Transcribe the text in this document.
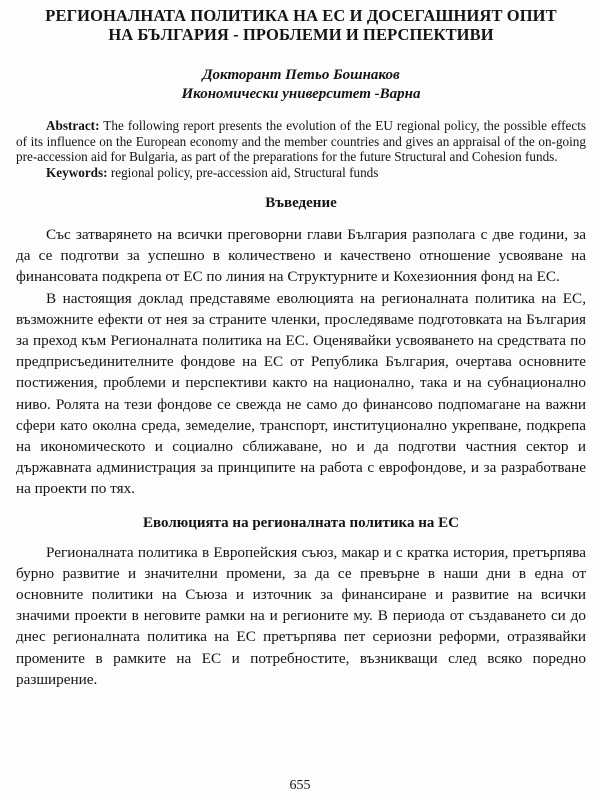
РЕГИОНАЛНАТА ПОЛИТИКА НА ЕС И ДОСЕГАШНИЯТ ОПИТ
НА БЪЛГАРИЯ - ПРОБЛЕМИ И ПЕРСПЕКТИВИ
Докторант Петьо Бошнаков
Икономически университет -Варна
Abstract: The following report presents the evolution of the EU regional policy, the possible effects of its influence on the European economy and the member countries and gives an appraisal of the on-going pre-accession aid for Bulgaria, as part of the preparations for the future Structural and Cohesion funds.
Keywords: regional policy, pre-accession aid, Structural funds
Въведение

Със затварянето на всички преговорни глави България разполага с две години, за да се подготви за успешно в количествено и качествено отношение усвояване на финансовата подкрепа от ЕС по линия на Структурните и Кохезионния фонд на ЕС.

В настоящия доклад представяме еволюцията на регионалната политика на ЕС, възможните ефекти от нея за страните членки, проследяваме подготовката на България за преход към Регионалната политика на ЕС. Оценявайки усвояването на средствата по предприсъединителните фондове на ЕС от Република България, очертава основните постижения, проблеми и перспективи както на национално, така и на субнационално ниво. Ролята на тези фондове се свежда не само до финансово подпомагане на важни сфери като околна среда, земеделие, транспорт, институционално укрепване, подкрепа на икономическото и социално сближаване, но и да подготви частния сектор и държавната администрация за принципите на работа с еврофондове, и за разработване на проекти по тях.

Еволюцията на регионалната политика на ЕС

Регионалната политика в Европейския съюз, макар и с кратка история, претърпява бурно развитие и значителни промени, за да се превърне в наши дни в една от основните политики на Съюза и източник за финансиране и развитие на всички значими проекти в неговите рамки на и регионите му. В периода от създаването си до днес регионалната политика на ЕС претърпява пет сериозни реформи, отразявайки промените в рамките на ЕС и потребностите, възникващи след всяко поредно разширение.

655
